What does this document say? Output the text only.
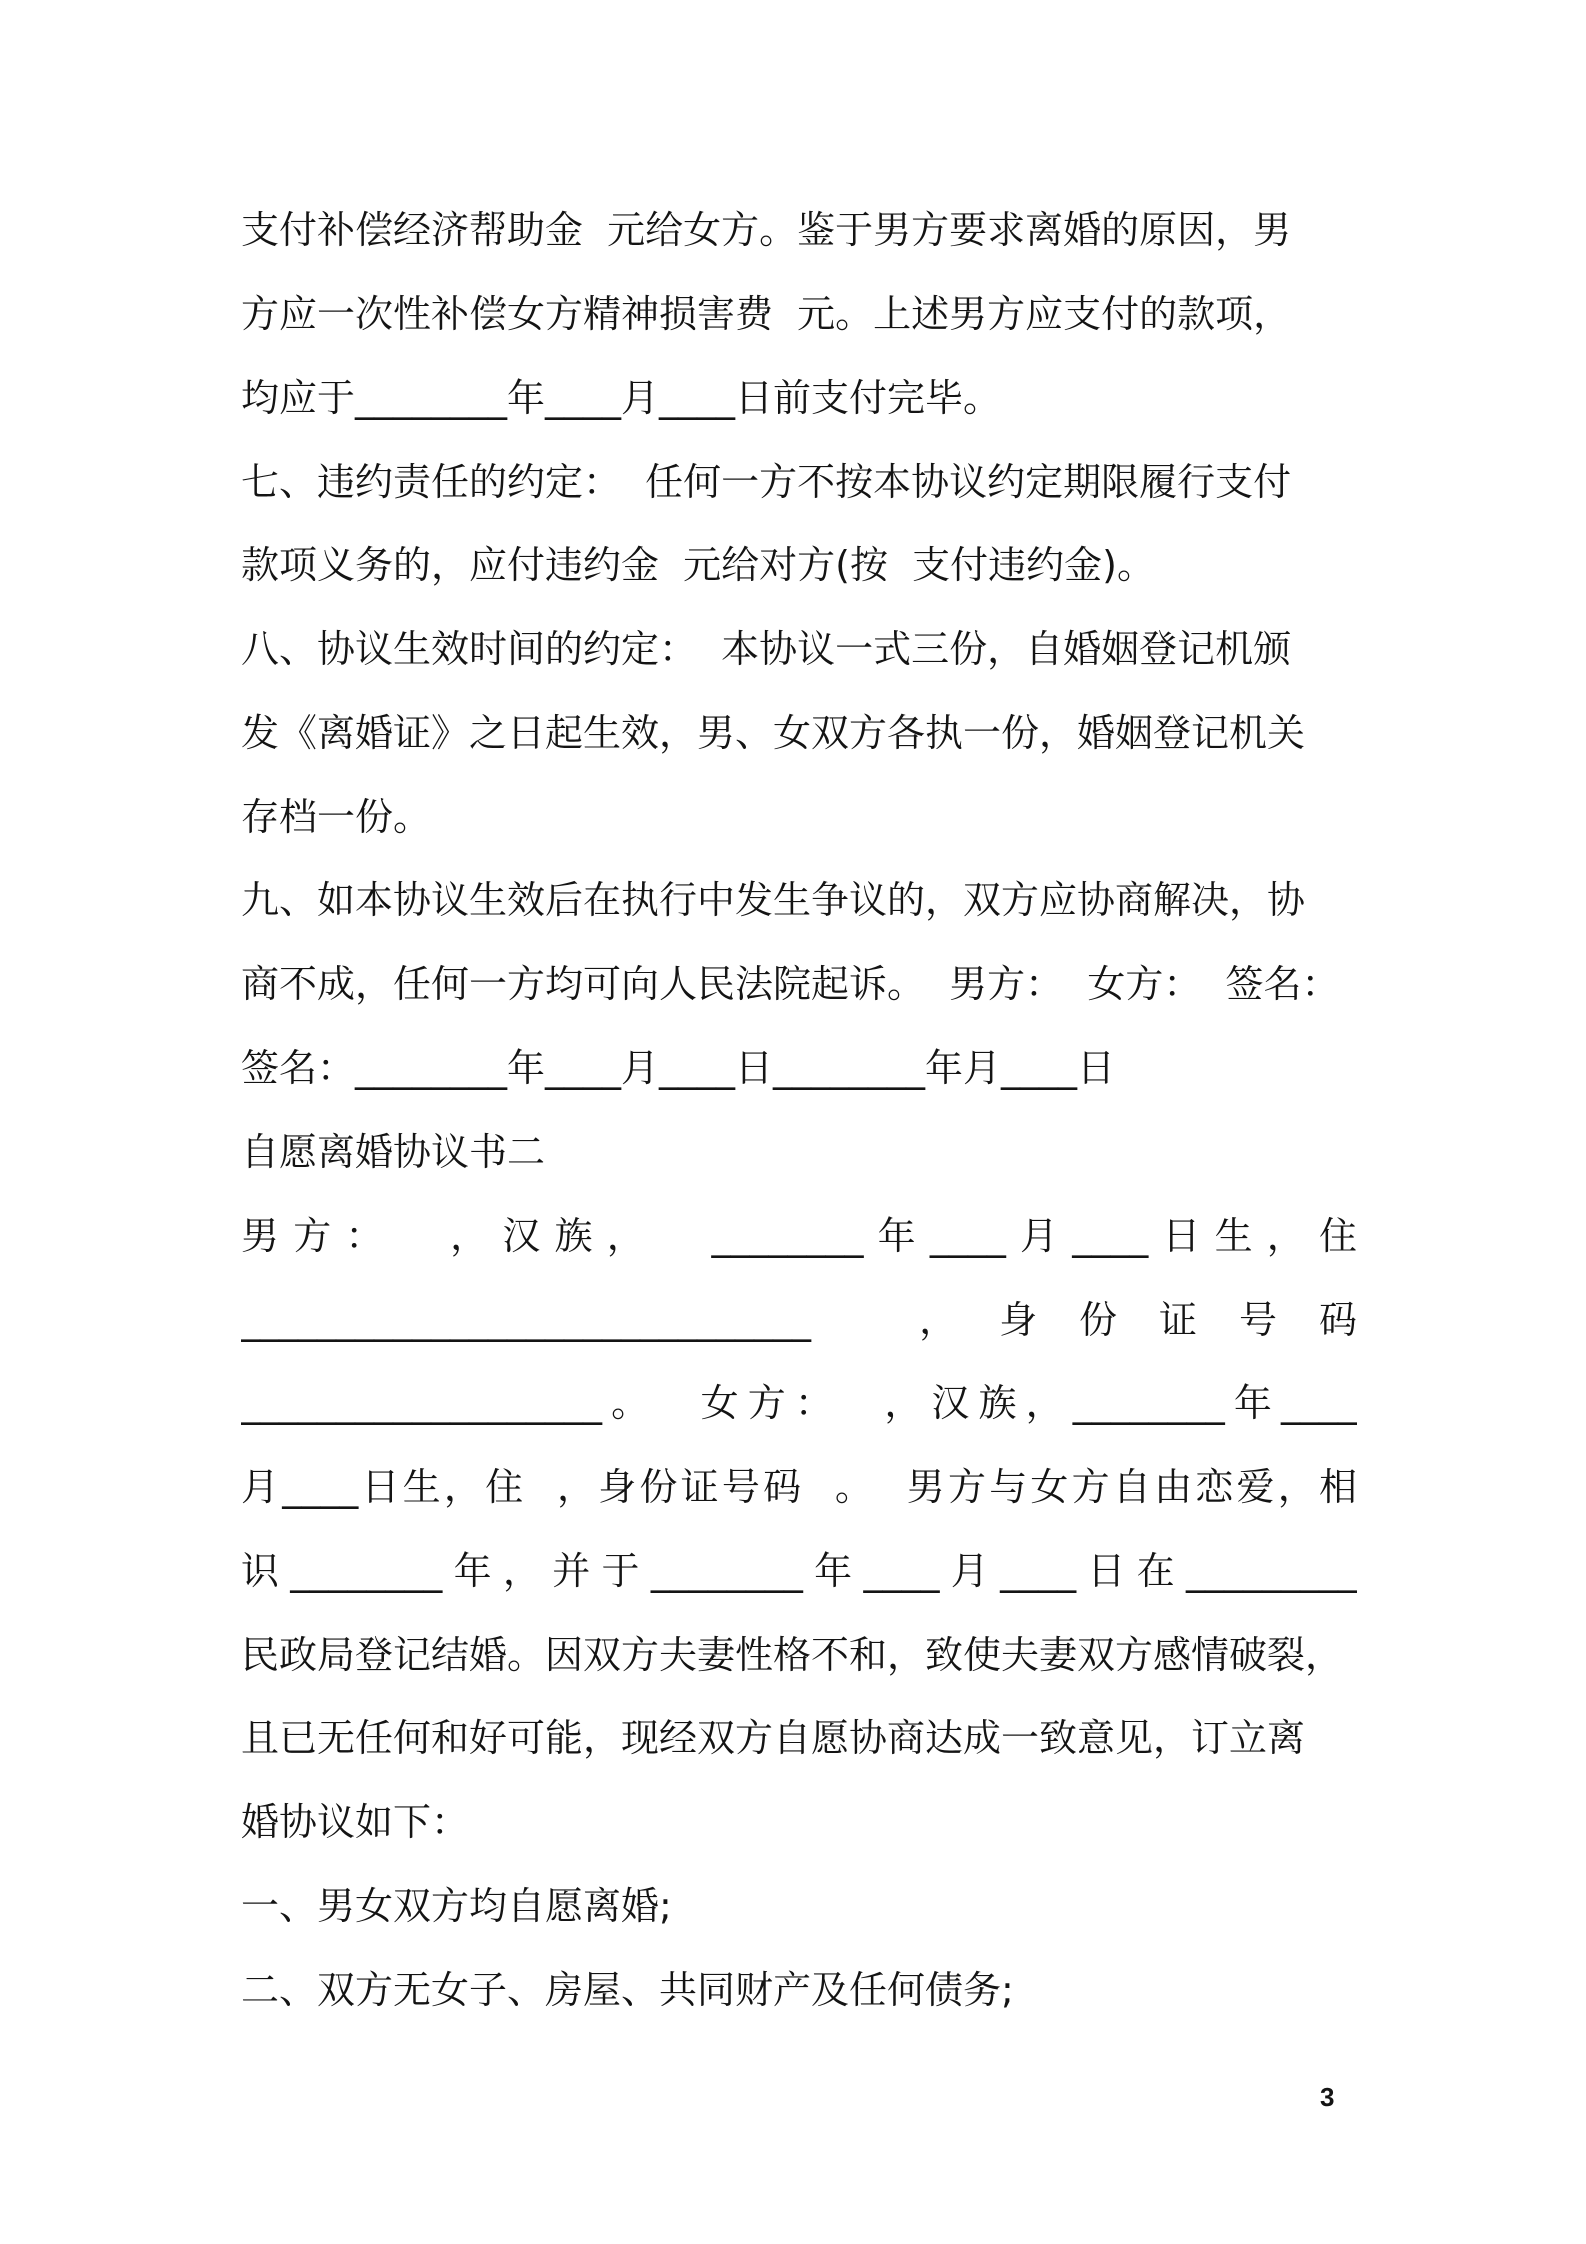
支付补偿经济帮助金  元给女方。鉴于男方要求离婚的原因，男
方应一次性补偿女方精神损害费  元。上述男方应支付的款项，
均应于________年____月____日前支付完毕。
七、违约责任的约定：  任何一方不按本协议约定期限履行支付
款项义务的，应付违约金  元给对方(按  支付违约金)。
八、协议生效时间的约定：  本协议一式三份，自婚姻登记机颁
发《离婚证》之日起生效，男、女双方各执一份，婚姻登记机关
存档一份。
九、如本协议生效后在执行中发生争议的，双方应协商解决，协
商不成，任何一方均可向人民法院起诉。  男方：  女方：  签名：
签名：________年____月____日________年月____日
自愿离婚协议书二
男方：  ，汉族，  ________年____月____日生，住
______________________________  ，身份证号码
___________________。  女方：  ，汉族，________年____
月____日生，住  ，身份证号码  。  男方与女方自由恋爱，相
识________年，并于________年____月____日在_________
民政局登记结婚。因双方夫妻性格不和，致使夫妻双方感情破裂，
且已无任何和好可能，现经双方自愿协商达成一致意见，订立离
婚协议如下：
一、男女双方均自愿离婚;
二、双方无女子、房屋、共同财产及任何债务;
3
